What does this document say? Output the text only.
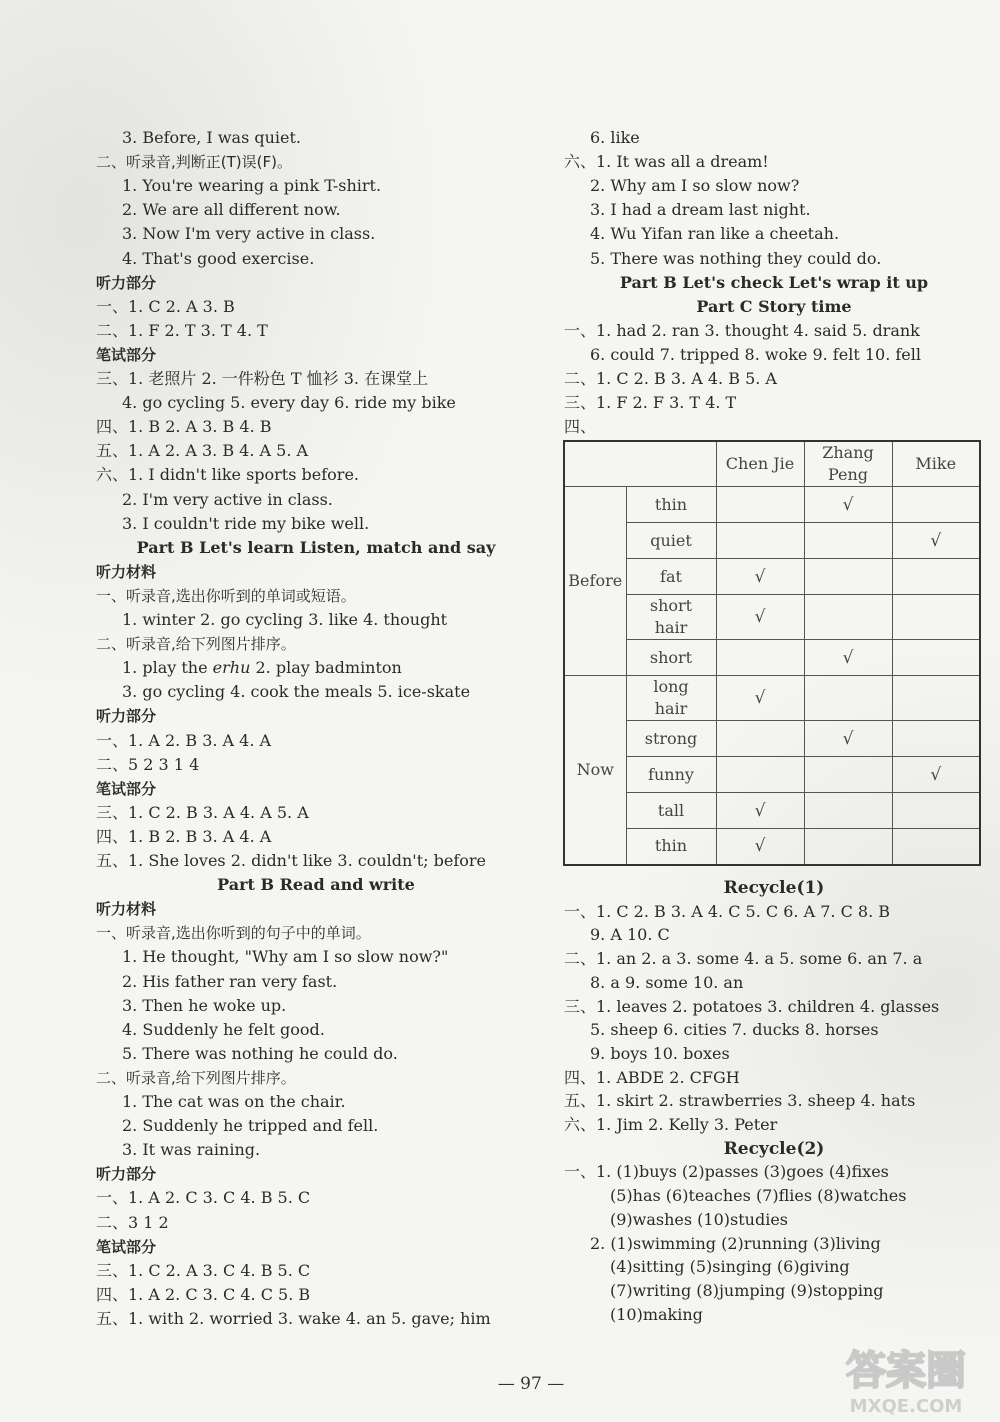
3. Before, I was quiet.
二、听录音,判断正(T)误(F)。
1. You're wearing a pink T-shirt.
2. We are all different now.
3. Now I'm very active in class.
4. That's good exercise.
听力部分
一、1. C 2. A 3. B
二、1. F 2. T 3. T 4. T
笔试部分
三、1. 老照片 2. 一件粉色 T 恤衫 3. 在课堂上
4. go cycling 5. every day 6. ride my bike
四、1. B 2. A 3. B 4. B
五、1. A 2. A 3. B 4. A 5. A
六、1. I didn't like sports before.
2. I'm very active in class.
3. I couldn't ride my bike well.
Part B Let's learn Listen, match and say
听力材料
一、听录音,选出你听到的单词或短语。
1. winter 2. go cycling 3. like 4. thought
二、听录音,给下列图片排序。
1. play the erhu 2. play badminton
3. go cycling 4. cook the meals 5. ice-skate
听力部分
一、1. A 2. B 3. A 4. A
二、5 2 3 1 4
笔试部分
三、1. C 2. B 3. A 4. A 5. A
四、1. B 2. B 3. A 4. A
五、1. She loves 2. didn't like 3. couldn't; before
Part B Read and write
听力材料
一、听录音,选出你听到的句子中的单词。
1. He thought, "Why am I so slow now?"
2. His father ran very fast.
3. Then he woke up.
4. Suddenly he felt good.
5. There was nothing he could do.
二、听录音,给下列图片排序。
1. The cat was on the chair.
2. Suddenly he tripped and fell.
3. It was raining.
听力部分
一、1. A 2. C 3. C 4. B 5. C
二、3 1 2
笔试部分
三、1. C 2. A 3. C 4. B 5. C
四、1. A 2. C 3. C 4. C 5. B
五、1. with 2. worried 3. wake 4. an 5. gave; him
6. like
六、1. It was all a dream!
2. Why am I so slow now?
3. I had a dream last night.
4. Wu Yifan ran like a cheetah.
5. There was nothing they could do.
Part B Let's check Let's wrap it up
Part C Story time
一、1. had 2. ran 3. thought 4. said 5. drank
6. could 7. tripped 8. woke 9. felt 10. fell
二、1. C 2. B 3. A 4. B 5. A
三、1. F 2. F 3. T 4. T
四、
Recycle(1)
一、1. C 2. B 3. A 4. C 5. C 6. A 7. C 8. B
9. A 10. C
二、1. an 2. a 3. some 4. a 5. some 6. an 7. a
8. a 9. some 10. an
三、1. leaves 2. potatoes 3. children 4. glasses
5. sheep 6. cities 7. ducks 8. horses
9. boys 10. boxes
四、1. ABDE 2. CFGH
五、1. skirt 2. strawberries 3. sheep 4. hats
六、1. Jim 2. Kelly 3. Peter
Recycle(2)
一、1. (1)buys (2)passes (3)goes (4)fixes
(5)has (6)teaches (7)flies (8)watches
(9)washes (10)studies
2. (1)swimming (2)running (3)living
(4)sitting (5)singing (6)giving
(7)writing (8)jumping (9)stopping
(10)making
		Chen Jie	Zhang Peng	Mike
Before	thin		√	
	quiet			√
	fat	√		
	short hair	√		
	short		√	
Now	long hair	√		
	strong		√	
	funny			√
	tall	√		
	thin	√		
— 97 —	答案圈
MXQE.COM
